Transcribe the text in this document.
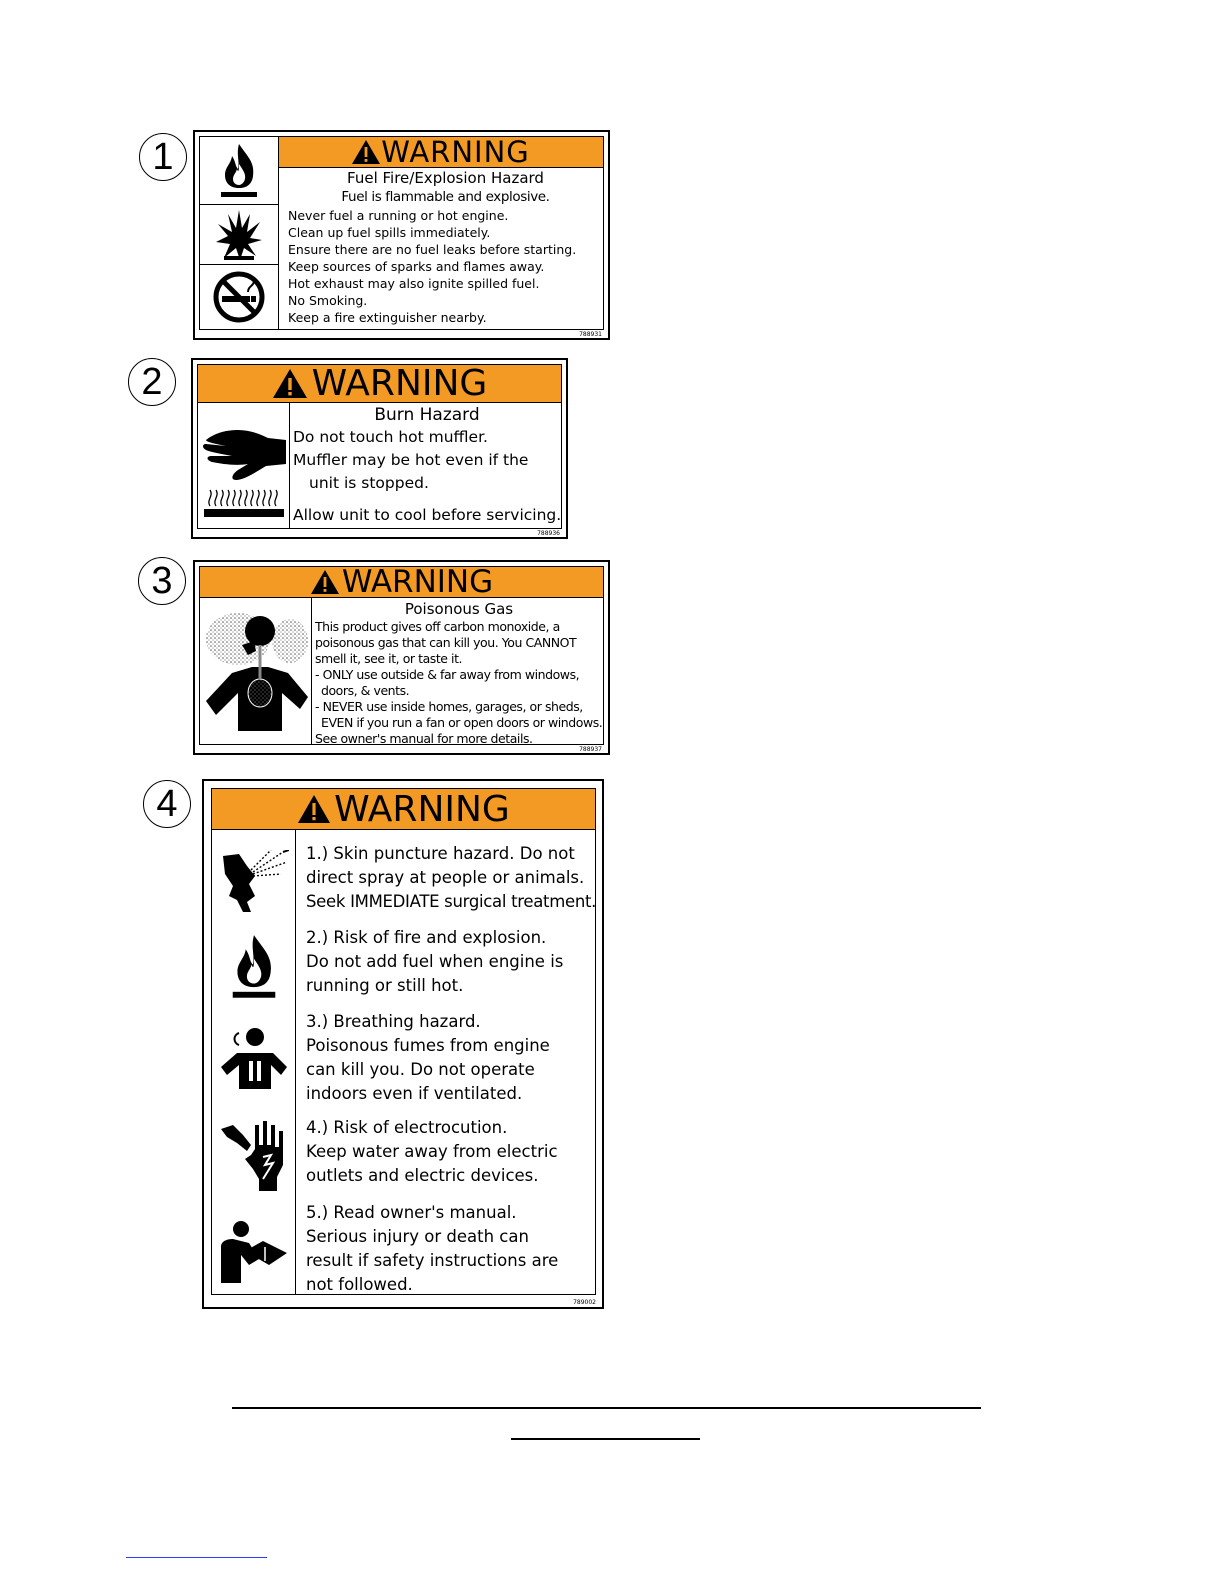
1	WARNING
Fuel Fire/Explosion Hazard
Fuel is flammable and explosive.
Never fuel a running or hot engine.
Clean up fuel spills immediately.
Ensure there are no fuel leaks before starting.
Keep sources of sparks and flames away.
Hot exhaust may also ignite spilled fuel.
No Smoking.
Keep a fire extinguisher nearby.
788931
2	WARNING
Burn Hazard
Do not touch hot muffler.
Muffler may be hot even if the
unit is stopped.
Allow unit to cool before servicing.
788936
3	WARNING
Poisonous Gas
This product gives off carbon monoxide, a
poisonous gas that can kill you. You CANNOT
smell it, see it, or taste it.
- ONLY use outside & far away from windows,
doors, & vents.
- NEVER use inside homes, garages, or sheds,
EVEN if you run a fan or open doors or windows.
See owner's manual for more details.
788937
4	WARNING
1.) Skin puncture hazard. Do not
direct spray at people or animals.
Seek IMMEDIATE surgical treatment.
2.) Risk of fire and explosion.
Do not add fuel when engine is
running or still hot.
3.) Breathing hazard.
Poisonous fumes from engine
can kill you. Do not operate
indoors even if ventilated.
4.) Risk of electrocution.
Keep water away from electric
outlets and electric devices.
5.) Read owner's manual.
Serious injury or death can
result if safety instructions are
not followed.
789002
